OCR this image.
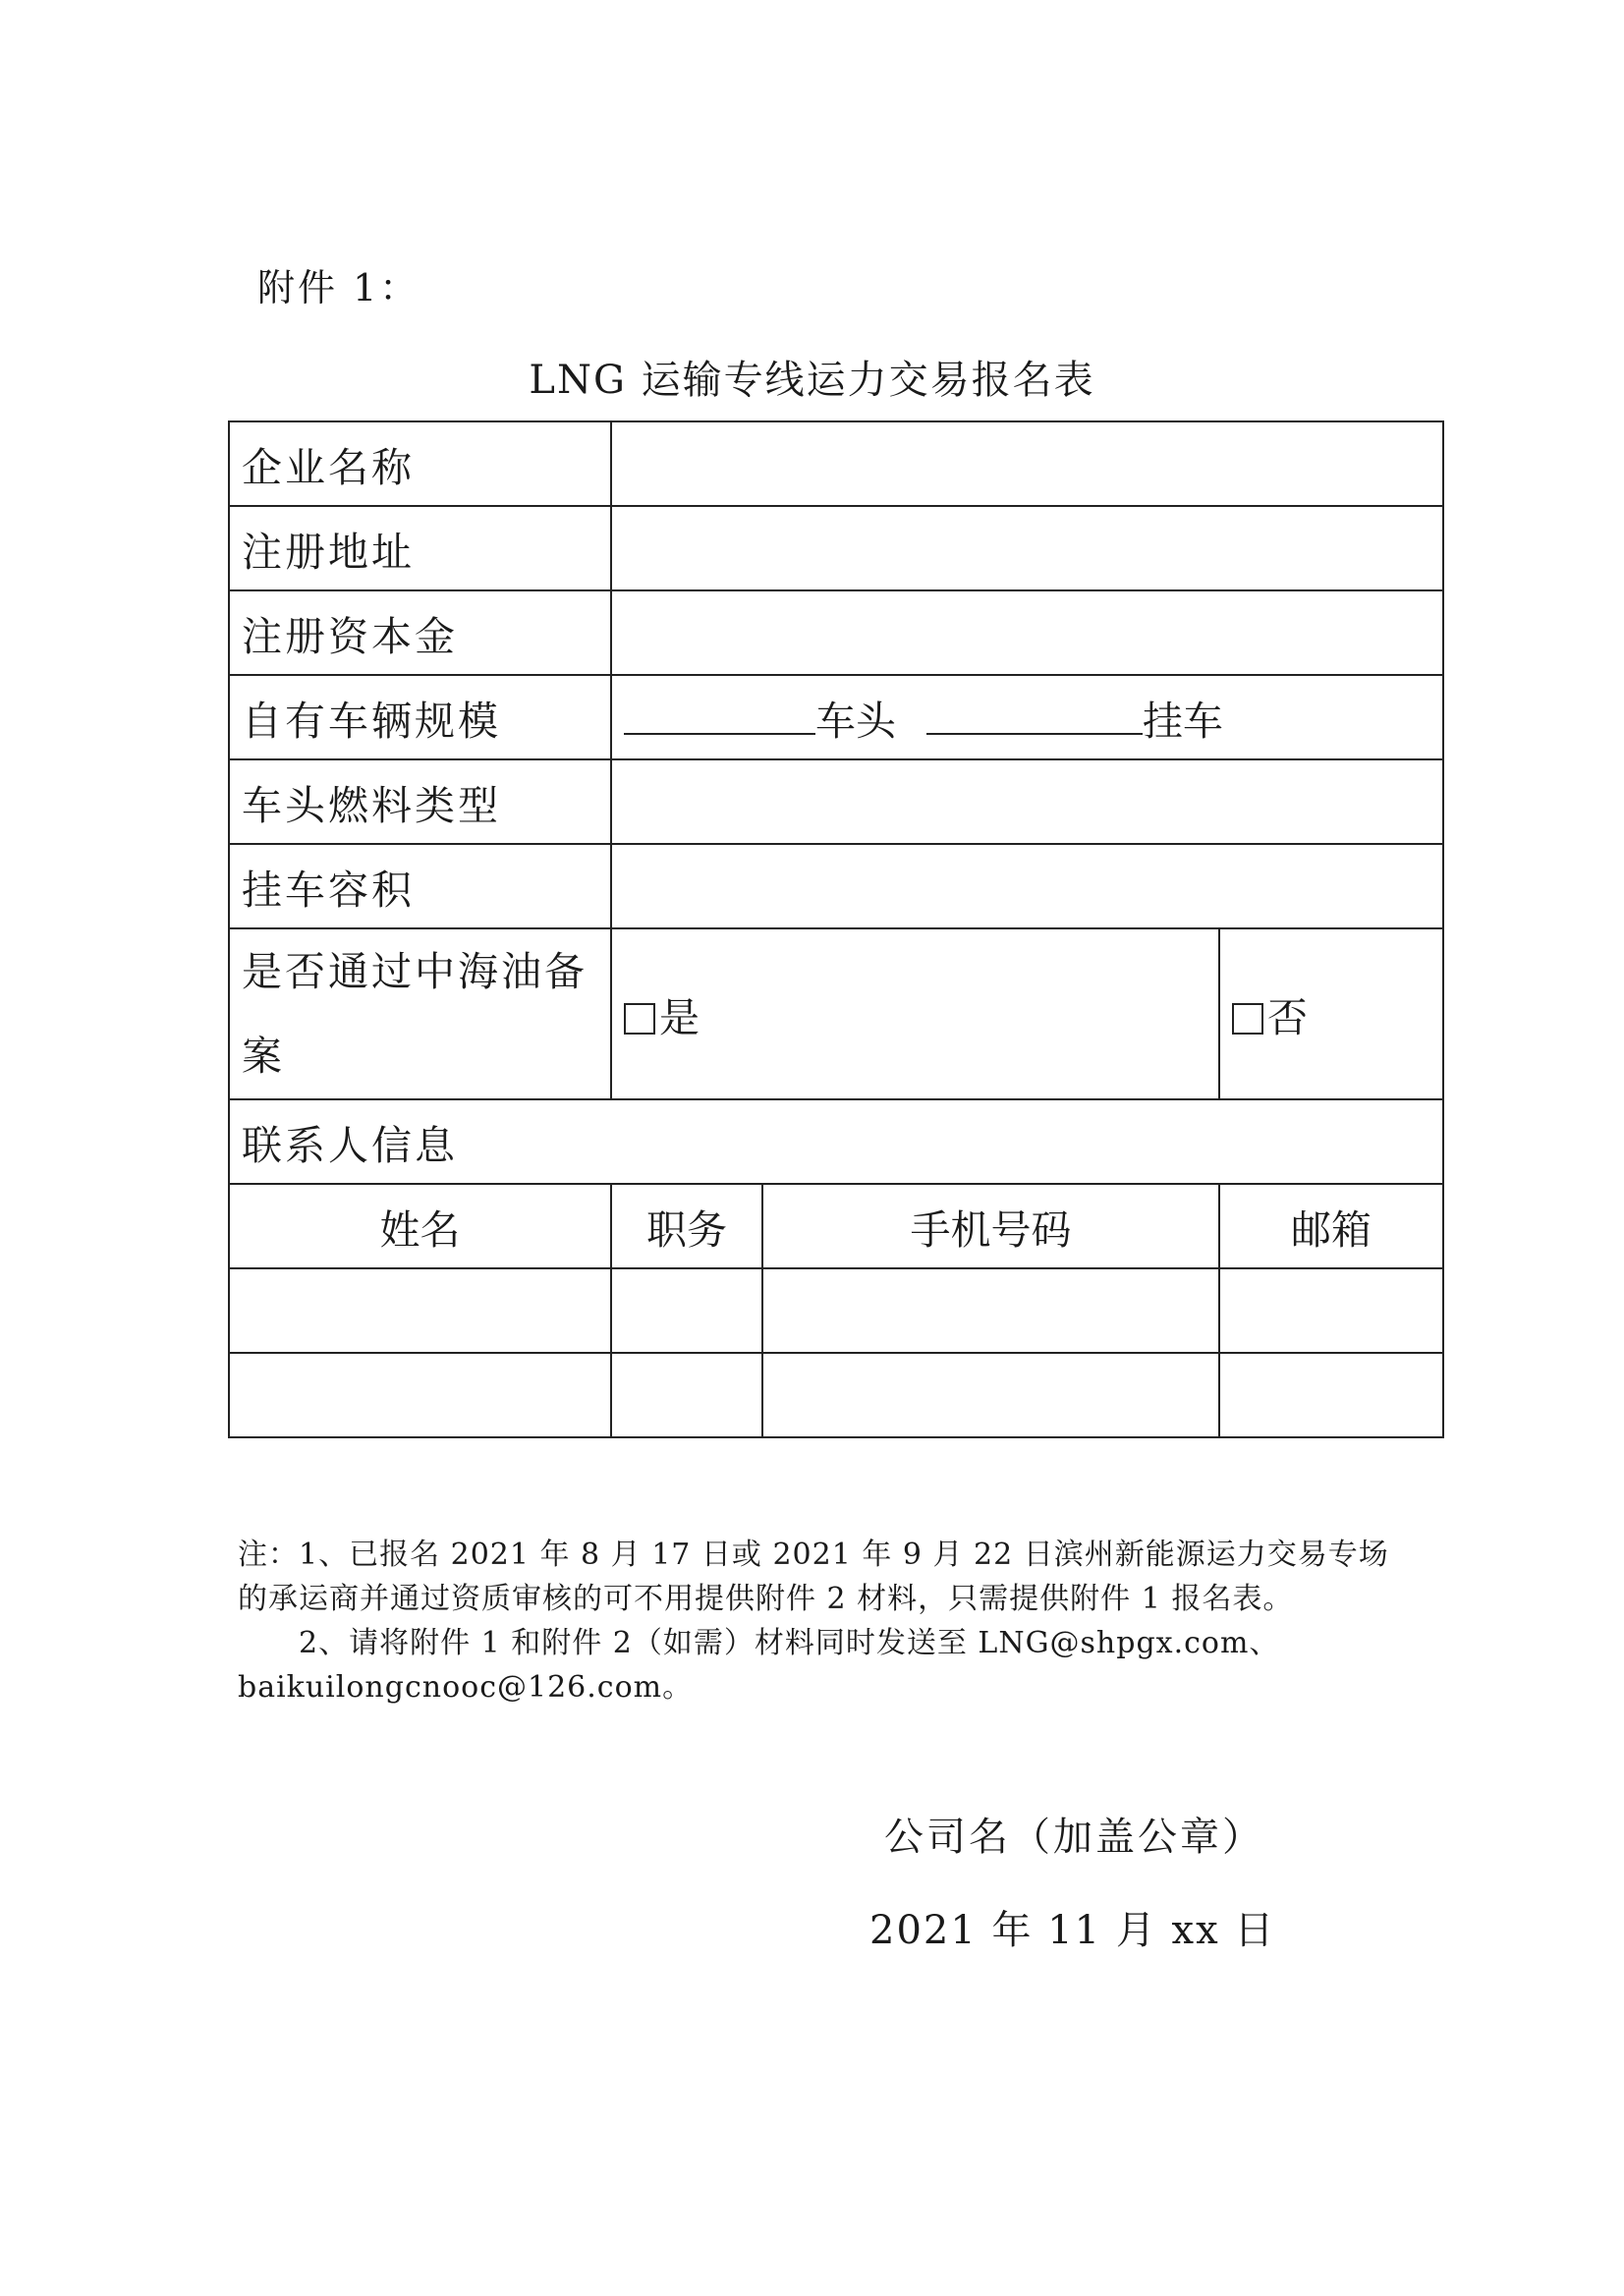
附件 1：
LNG 运输专线运力交易报名表
企业名称			
注册地址			
注册资本金			
自有车辆规模	车头 挂车		
车头燃料类型			
挂车容积			
是否通过中海油备案	是		否
联系人信息			
姓名	职务	手机号码	邮箱

注：1、已报名 2021 年 8 月 17 日或 2021 年 9 月 22 日滨州新能源运力交易专场
的承运商并通过资质审核的可不用提供附件 2 材料，只需提供附件 1 报名表。
　　2、请将附件 1 和附件 2（如需）材料同时发送至 LNG@shpgx.com、
baikuilongcnooc@126.com。
公司名（加盖公章）
2021 年 11 月 xx 日
